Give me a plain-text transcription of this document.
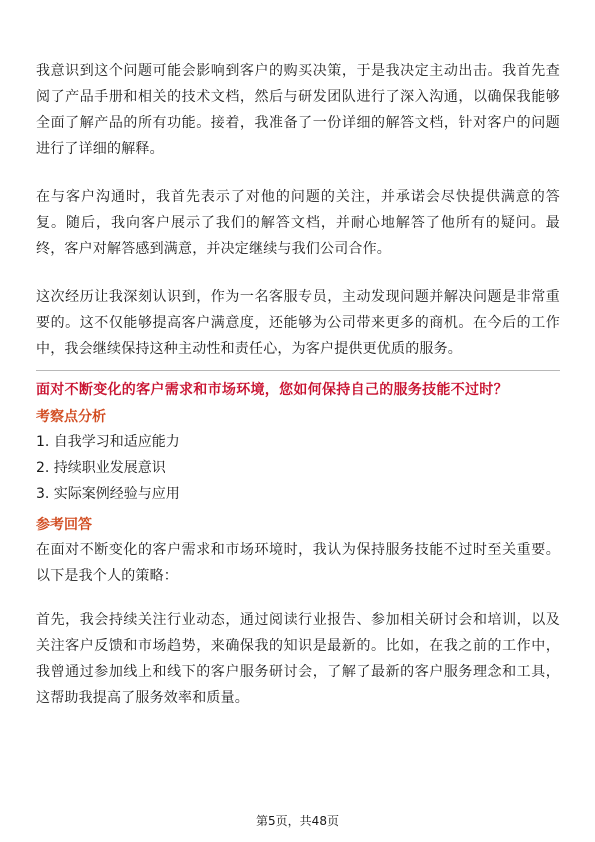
我意识到这个问题可能会影响到客户的购买决策，于是我决定主动出击。我首先查阅了产品手册和相关的技术文档，然后与研发团队进行了深入沟通，以确保我能够全面了解产品的所有功能。接着，我准备了一份详细的解答文档，针对客户的问题进行了详细的解释。

在与客户沟通时，我首先表示了对他的问题的关注，并承诺会尽快提供满意的答复。随后，我向客户展示了我们的解答文档，并耐心地解答了他所有的疑问。最终，客户对解答感到满意，并决定继续与我们公司合作。

这次经历让我深刻认识到，作为一名客服专员，主动发现问题并解决问题是非常重要的。这不仅能够提高客户满意度，还能够为公司带来更多的商机。在今后的工作中，我会继续保持这种主动性和责任心，为客户提供更优质的服务。

面对不断变化的客户需求和市场环境，您如何保持自己的服务技能不过时？

考察点分析

1. 自我学习和适应能力

2. 持续职业发展意识

3. 实际案例经验与应用

参考回答

在面对不断变化的客户需求和市场环境时，我认为保持服务技能不过时至关重要。以下是我个人的策略：

首先，我会持续关注行业动态，通过阅读行业报告、参加相关研讨会和培训，以及关注客户反馈和市场趋势，来确保我的知识是最新的。比如，在我之前的工作中，我曾通过参加线上和线下的客户服务研讨会，了解了最新的客户服务理念和工具，这帮助我提高了服务效率和质量。

第5页，共48页
